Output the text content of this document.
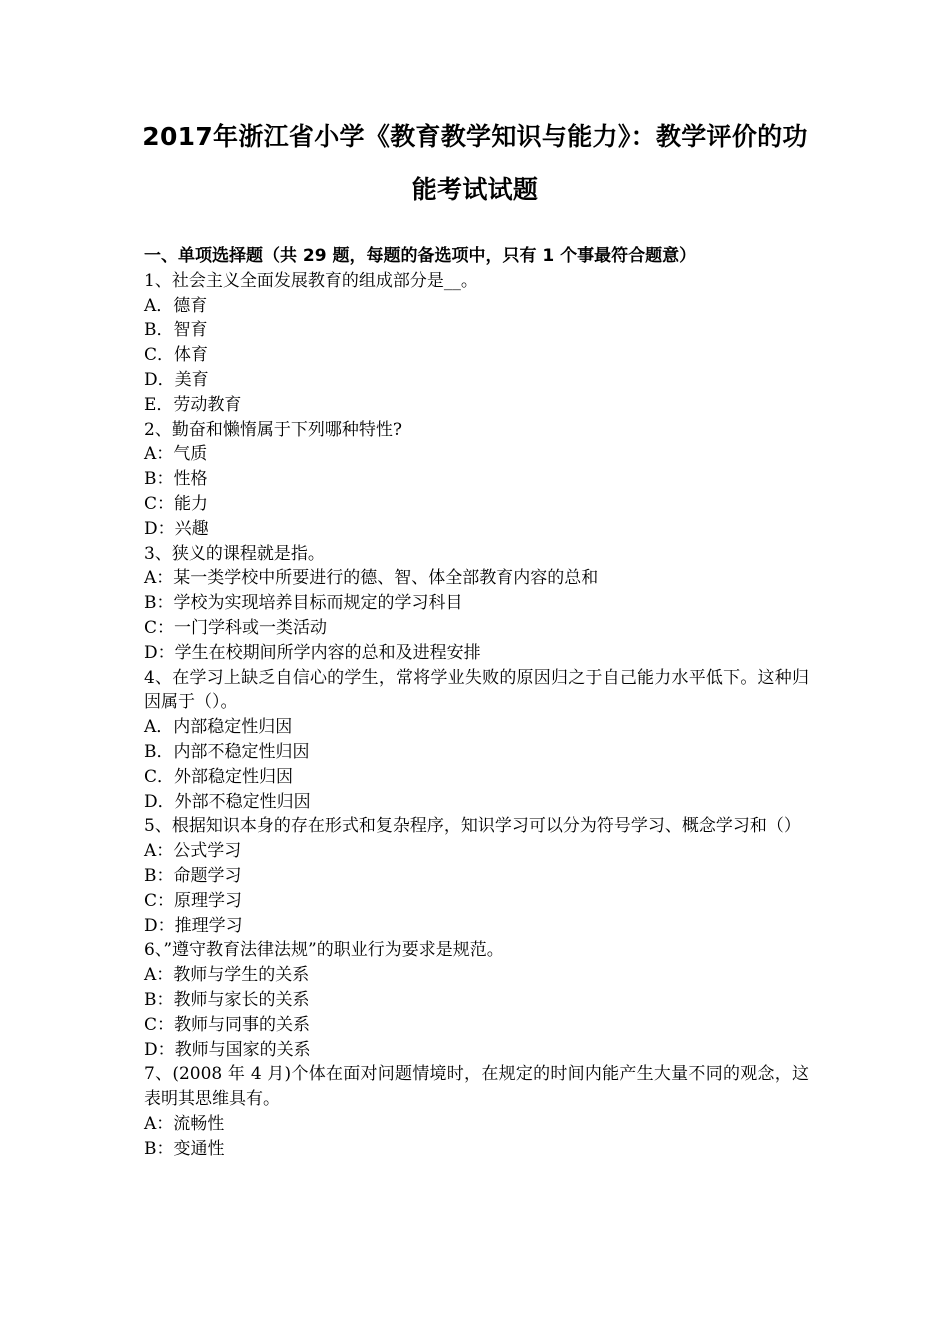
2017年浙江省小学《教育教学知识与能力》：教学评价的功
能考试试题
一、单项选择题（共 29 题，每题的备选项中，只有 1 个事最符合题意）
1、社会主义全面发展教育的组成部分是__。
A．德育
B．智育
C．体育
D．美育
E．劳动教育
2、勤奋和懒惰属于下列哪种特性?
A：气质
B：性格
C：能力
D：兴趣
3、狭义的课程就是指。
A：某一类学校中所要进行的德、智、体全部教育内容的总和
B：学校为实现培养目标而规定的学习科目
C：一门学科或一类活动
D：学生在校期间所学内容的总和及进程安排
4、在学习上缺乏自信心的学生，常将学业失败的原因归之于自己能力水平低下。这种归因属于（）。
A．内部稳定性归因
B．内部不稳定性归因
C．外部稳定性归因
D．外部不稳定性归因
5、根据知识本身的存在形式和复杂程序，知识学习可以分为符号学习、概念学习和（）
A：公式学习
B：命题学习
C：原理学习
D：推理学习
6、”遵守教育法律法规”的职业行为要求是规范。
A：教师与学生的关系
B：教师与家长的关系
C：教师与同事的关系
D：教师与国家的关系
7、(2008 年 4 月)个体在面对问题情境时，在规定的时间内能产生大量不同的观念，这表明其思维具有。
A：流畅性
B：变通性
